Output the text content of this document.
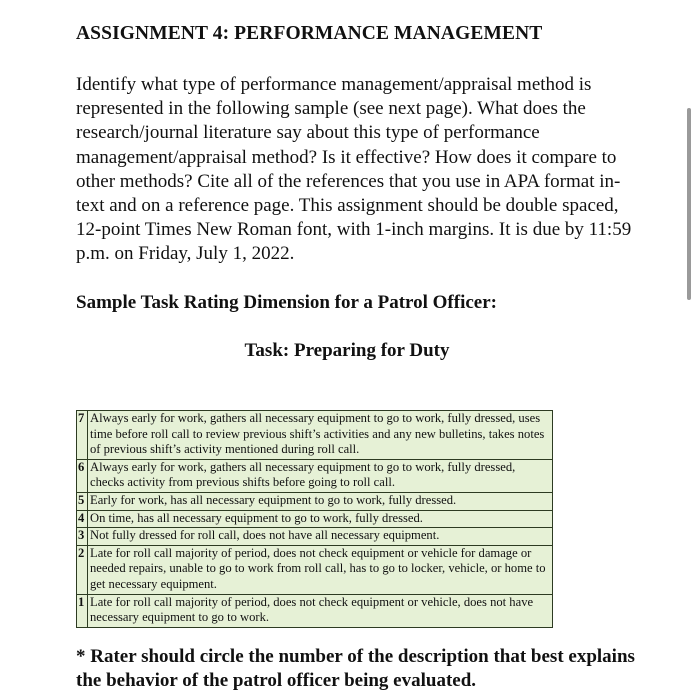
ASSIGNMENT 4: PERFORMANCE MANAGEMENT

Identify what type of performance management/appraisal method is represented in the following sample (see next page). What does the research/journal literature say about this type of performance management/appraisal method? Is it effective? How does it compare to other methods? Cite all of the references that you use in APA format in-text and on a reference page. This assignment should be double spaced, 12-point Times New Roman font, with 1-inch margins. It is due by 11:59 p.m. on Friday, July 1, 2022.

Sample Task Rating Dimension for a Patrol Officer:

Task: Preparing for Duty

7	Always early for work, gathers all necessary equipment to go to work, fully dressed, uses time before roll call to review previous shift’s activities and any new bulletins, takes notes of previous shift’s activity mentioned during roll call.
6	Always early for work, gathers all necessary equipment to go to work, fully dressed, checks activity from previous shifts before going to roll call.
5	Early for work, has all necessary equipment to go to work, fully dressed.
4	On time, has all necessary equipment to go to work, fully dressed.
3	Not fully dressed for roll call, does not have all necessary equipment.
2	Late for roll call majority of period, does not check equipment or vehicle for damage or needed repairs, unable to go to work from roll call, has to go to locker, vehicle, or home to get necessary equipment.
1	Late for roll call majority of period, does not check equipment or vehicle, does not have necessary equipment to go to work.

* Rater should circle the number of the description that best explains the behavior of the patrol officer being evaluated.
